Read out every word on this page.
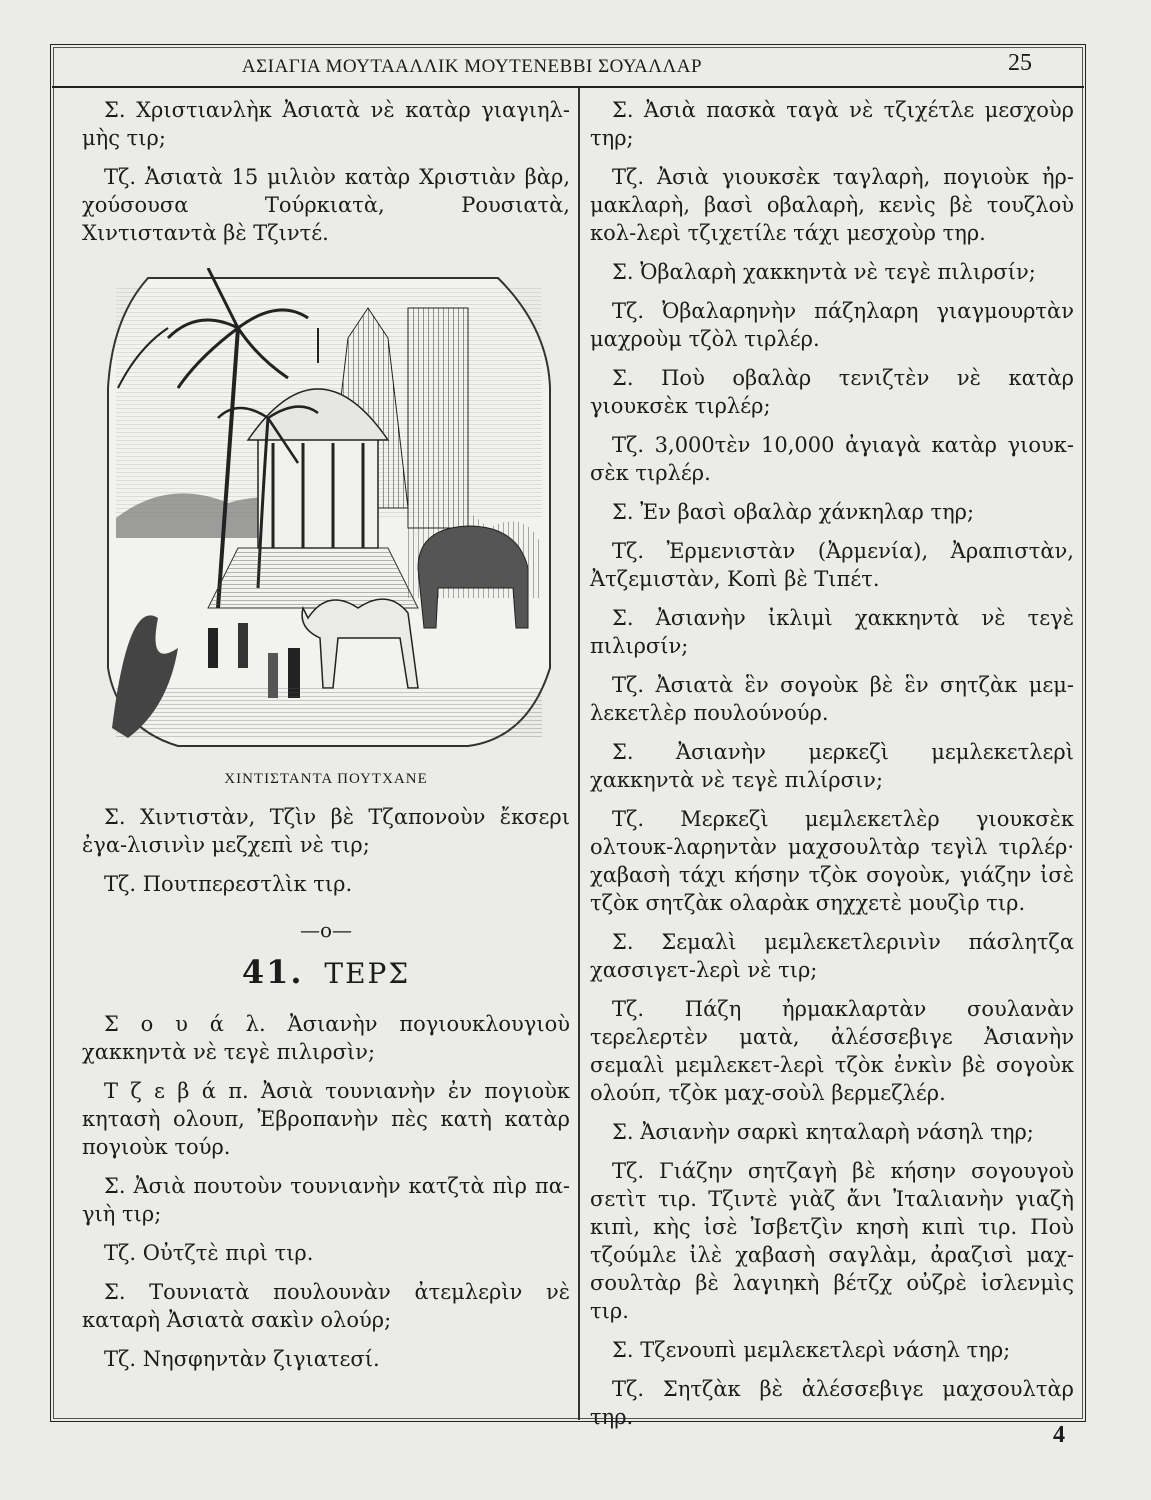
ΑΣΙΑΓΙΑ ΜΟΥΤΑΑΛΛΙΚ ΜΟΥΤΕΝΕΒΒΙ ΣΟΥΑΛΛΑΡ	25

Σ. Χριστιανλὴκ Ἀσιατὰ νὲ κατὰρ γιαγιηλ-μὴς τιρ;

Τζ. Ἀσιατὰ 15 μιλιὸν κατὰρ Χριστιὰν βὰρ, χούσουσα Τούρκιατὰ, Ρουσιατὰ, Χιντισταντὰ βὲ Τζιντέ.

ΧΙΝΤΙΣΤΑΝΤΑ ΠΟΥΤΧΑΝΕ

Σ. Χιντιστὰν, Τζὶν βὲ Τζαπονοὺν ἔκσερι ἐγα-λισινὶν μεζχεπὶ νὲ τιρ;

Τζ. Πουτπερεστλὶκ τιρ.

—ο—
41. ΤΕΡΣ

Σ ο υ ά λ. Ἀσιανὴν πογιουκλουγιοὺ χακκηντὰ νὲ τεγὲ πιλιρσὶν;

Τ ζ ε β ά π. Ἀσιὰ τουνιανὴν ἐν πογιοὺκ κητασὴ ολουπ, Ἐβροπανὴν πὲς κατὴ κατὰρ πογιοὺκ τούρ.

Σ. Ἀσιὰ πουτοὺν τουνιανὴν κατζτὰ πὶρ πα-γιὴ τιρ;

Τζ. Οὐτζτὲ πιρὶ τιρ.

Σ. Τουνιατὰ πουλουνὰν ἀτεμλερὶν νὲ καταρὴ Ἀσιατὰ σακὶν ολούρ;

Τζ. Νησφηντὰν ζιγιατεσί.

Σ. Ἀσιὰ πασκὰ ταγὰ νὲ τζιχέτλε μεσχοὺρ τηρ;

Τζ. Ἀσιὰ γιουκσὲκ ταγλαρὴ, πογιοὺκ ἠρ-μακλαρὴ, βασὶ οβαλαρὴ, κενὶς βὲ τουζλοὺ κολ-λερὶ τζιχετίλε τάχι μεσχοὺρ τηρ.

Σ. Ὀβαλαρὴ χακκηντὰ νὲ τεγὲ πιλιρσίν;

Τζ. Ὀβαλαρηνὴν πάζηλαρη γιαγμουρτὰν μαχροὺμ τζὸλ τιρλέρ.

Σ. Ποὺ οβαλὰρ τενιζτὲν νὲ κατὰρ γιουκσὲκ τιρλέρ;

Τζ. 3,000τὲν 10,000 ἀγιαγὰ κατὰρ γιουκ-σὲκ τιρλέρ.

Σ. Ἐν βασὶ οβαλὰρ χάνκηλαρ τηρ;

Τζ. Ἐρμενιστὰν (Ἀρμενία), Ἀραπιστὰν, Ἀτζεμιστὰν, Κοπὶ βὲ Τιπέτ.

Σ. Ἀσιανὴν ἰκλιμὶ χακκηντὰ νὲ τεγὲ πιλιρσίν;

Τζ. Ἀσιατὰ ἓν σογοὺκ βὲ ἓν σητζὰκ μεμ-λεκετλὲρ πουλούνούρ.

Σ. Ἀσιανὴν μερκεζὶ μεμλεκετλερὶ χακκηντὰ νὲ τεγὲ πιλίρσιν;

Τζ. Μερκεζὶ μεμλεκετλὲρ γιουκσὲκ ολτουκ-λαρηντὰν μαχσουλτὰρ τεγὶλ τιρλέρ· χαβασὴ τάχι κήσην τζὸκ σογοὺκ, γιάζην ἰσὲ τζὸκ σητζὰκ ολαρὰκ σηχχετὲ μουζὶρ τιρ.

Σ. Σεμαλὶ μεμλεκετλερινὶν πάσλητζα χασσιγετ-λερὶ νὲ τιρ;

Τζ. Πάζη ἠρμακλαρτὰν σουλανὰν τερελερτὲν ματὰ, ἀλέσσεβιγε Ἀσιανὴν σεμαλὶ μεμλεκετ-λερὶ τζὸκ ἐνκὶν βὲ σογοὺκ ολούπ, τζὸκ μαχ-σοὺλ βερμεζλέρ.

Σ. Ἀσιανὴν σαρκὶ κηταλαρὴ νάσηλ τηρ;

Τζ. Γιάζην σητζαγὴ βὲ κήσην σογουγοὺ σετὶτ τιρ. Τζιντὲ γιὰζ ἄνι Ἰταλιανὴν γιαζὴ κιπὶ, κὴς ἰσὲ Ἰσβετζὶν κησὴ κιπὶ τιρ. Ποὺ τζούμλε ἰλὲ χαβασὴ σαγλὰμ, ἀραζισὶ μαχ-σουλτὰρ βὲ λαγιηκὴ βέτζχ οὐζρὲ ἰσλενμὶς τιρ.

Σ. Τζενουπὶ μεμλεκετλερὶ νάσηλ τηρ;

Τζ. Σητζὰκ βὲ ἀλέσσεβιγε μαχσουλτὰρ τηρ.

4
